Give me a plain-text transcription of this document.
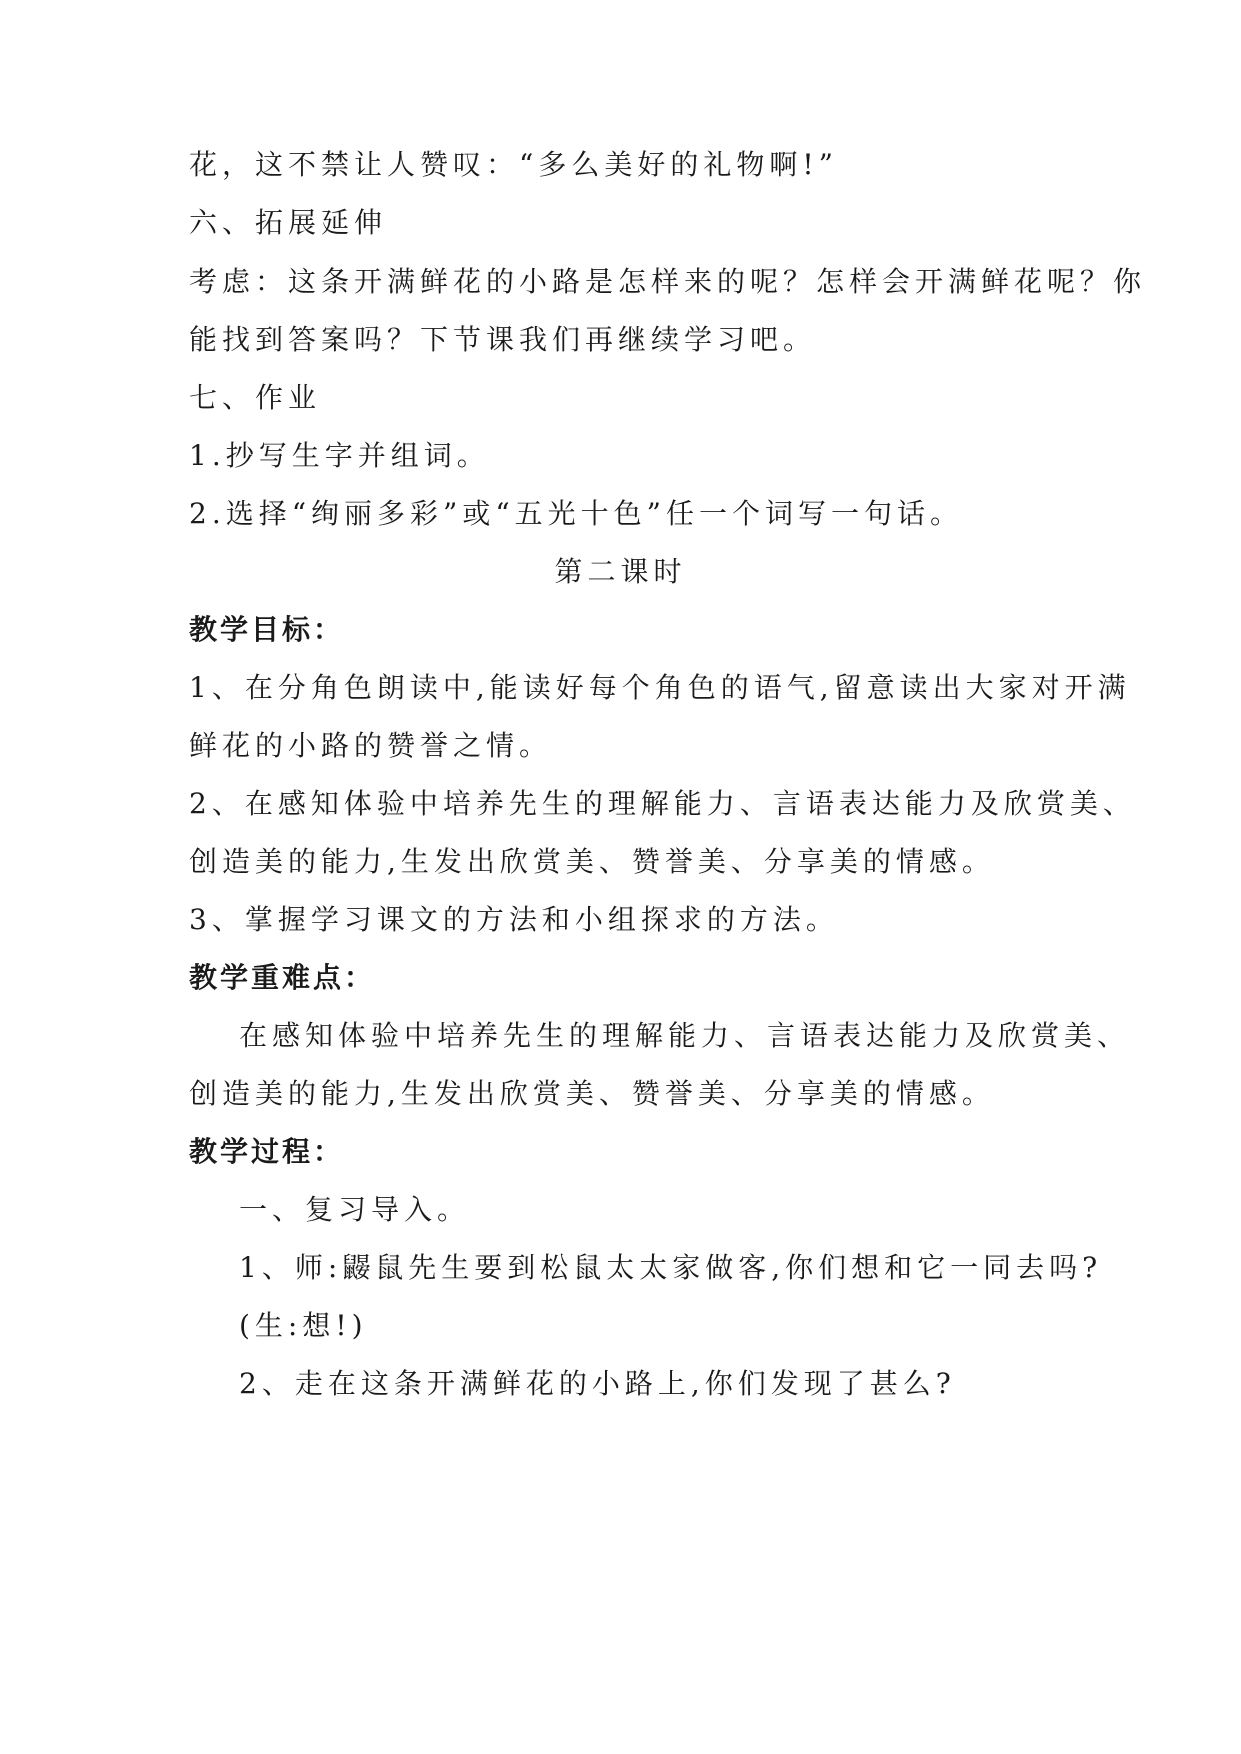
花，这不禁让人赞叹：“多么美好的礼物啊!”
六、拓展延伸
考虑：这条开满鲜花的小路是怎样来的呢？怎样会开满鲜花呢？你
能找到答案吗？下节课我们再继续学习吧。
七、作业
1.抄写生字并组词。
2.选择“绚丽多彩”或“五光十色”任一个词写一句话。
第二课时
教学目标：
1、在分角色朗读中,能读好每个角色的语气,留意读出大家对开满
鲜花的小路的赞誉之情。
2、在感知体验中培养先生的理解能力、言语表达能力及欣赏美、
创造美的能力,生发出欣赏美、赞誉美、分享美的情感。
3、掌握学习课文的方法和小组探求的方法。
教学重难点：
在感知体验中培养先生的理解能力、言语表达能力及欣赏美、
创造美的能力,生发出欣赏美、赞誉美、分享美的情感。
教学过程：
一、复习导入。
1、师:鼹鼠先生要到松鼠太太家做客,你们想和它一同去吗?
(生:想!)
2、走在这条开满鲜花的小路上,你们发现了甚么?
